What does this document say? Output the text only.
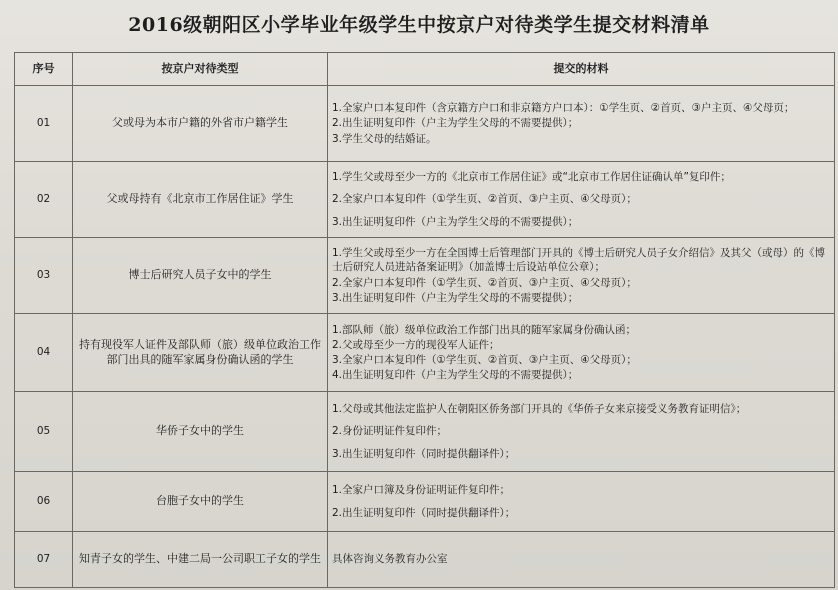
2016级朝阳区小学毕业年级学生中按京户对待类学生提交材料清单
序号	按京户对待类型	提交的材料
01	父或母为本市户籍的外省市户籍学生	1.全家户口本复印件（含京籍方户口和非京籍方户口本）：①学生页、②首页、③户主页、④父母页；
2.出生证明复印件（户主为学生父母的不需要提供）；
3.学生父母的结婚证。

02	父或母持有《北京市工作居住证》学生	1.学生父或母至少一方的《北京市工作居住证》或“北京市工作居住证确认单”复印件；
2.全家户口本复印件（①学生页、②首页、③户主页、④父母页）；
3.出生证明复印件（户主为学生父母的不需要提供）；

03	博士后研究人员子女中的学生	1.学生父或母至少一方在全国博士后管理部门开具的《博士后研究人员子女介绍信》及其父（或母）的《博士后研究人员进站备案证明》（加盖博士后设站单位公章）；
2.全家户口本复印件（①学生页、②首页、③户主页、④父母页）；
3.出生证明复印件（户主为学生父母的不需要提供）；

04	持有现役军人证件及部队师（旅）级单位政治工作部门出具的随军家属身份确认函的学生	1.部队师（旅）级单位政治工作部门出具的随军家属身份确认函；
2.父或母至少一方的现役军人证件；
3.全家户口本复印件（①学生页、②首页、③户主页、④父母页）；
4.出生证明复印件（户主为学生父母的不需要提供）；

05	华侨子女中的学生	1.父母或其他法定监护人在朝阳区侨务部门开具的《华侨子女来京接受义务教育证明信》；
2.身份证明证件复印件；
3.出生证明复印件（同时提供翻译件）；

06	台胞子女中的学生	1.全家户口簿及身份证明证件复印件；
2.出生证明复印件（同时提供翻译件）；

07	知青子女的学生、中建二局一公司职工子女的学生	具体咨询义务教育办公室
